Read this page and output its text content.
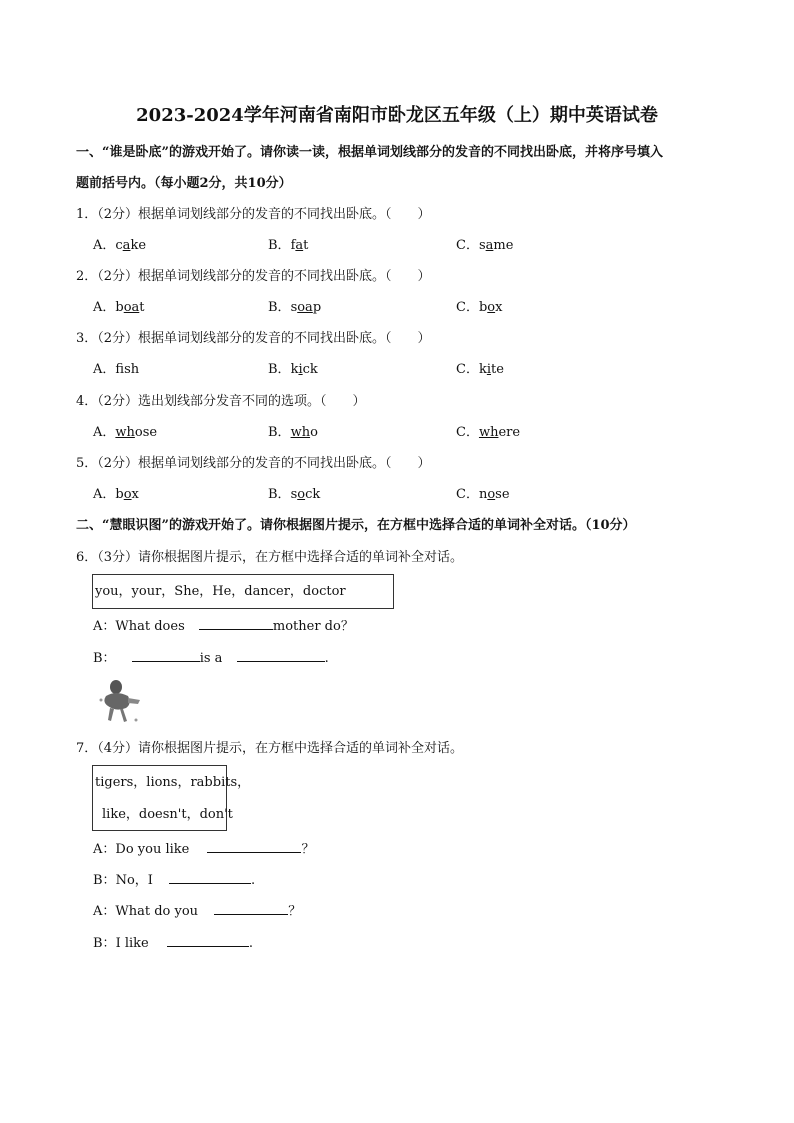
2023-2024学年河南省南阳市卧龙区五年级（上）期中英语试卷
一、“谁是卧底”的游戏开始了。请你读一读，根据单词划线部分的发音的不同找出卧底，并将序号填入
题前括号内。（每小题2分，共10分）
1．（2分）根据单词划线部分的发音的不同找出卧底。（　　）
A．cake	B．fat	C．same
2．（2分）根据单词划线部分的发音的不同找出卧底。（　　）
A．boat	B．soap	C．box
3．（2分）根据单词划线部分的发音的不同找出卧底。（　　）
A．fsh	B．kick	C．kite
4．（2分）选出划线部分发音不同的选项。（　　）
A．whose	B．who	C．where
5．（2分）根据单词划线部分的发音的不同找出卧底。（　　）
A．box	B．sock	C．nose
二、“慧眼识图”的游戏开始了。请你根据图片提示，在方框中选择合适的单词补全对话。（10分）
6．（3分）请你根据图片提示，在方框中选择合适的单词补全对话。
you，your，She，He，dancer，doctor
A：What does	mother do？
B：	is a	.
7．（4分）请你根据图片提示，在方框中选择合适的单词补全对话。
tigers，lions，rabbits，
like，doesn't，don't
A：Do you like	？
B：No，I	.
A：What do you	？
B：I like	.
